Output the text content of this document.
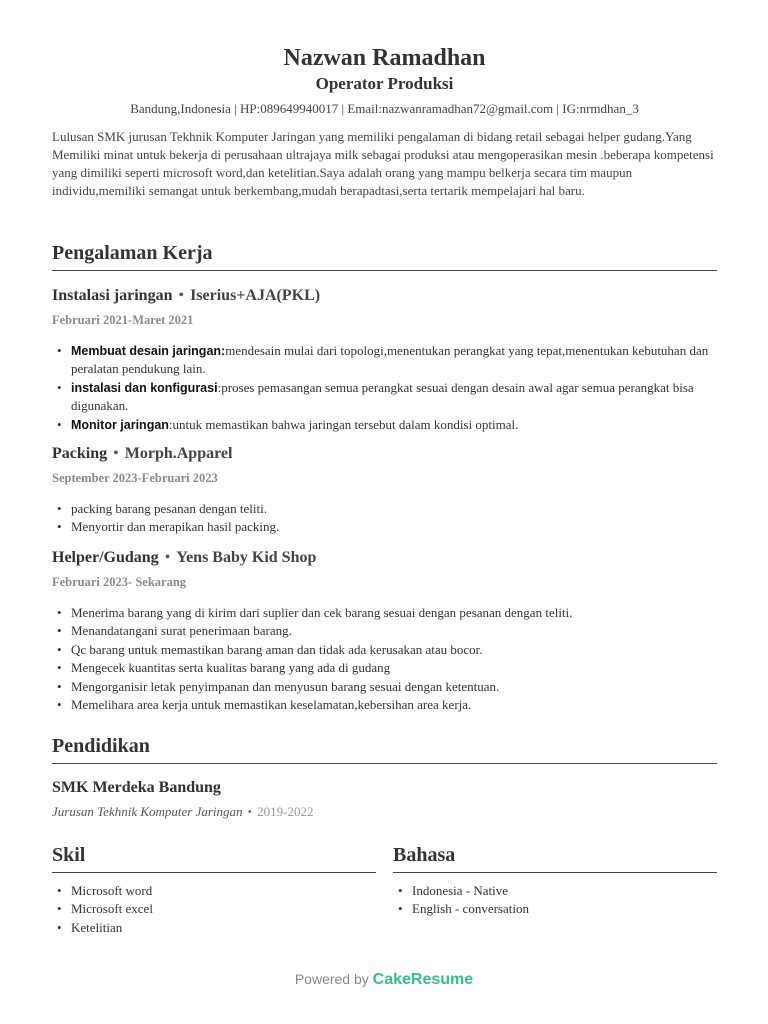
Nazwan Ramadhan
Operator Produksi
Bandung,Indonesia | HP:089649940017 | Email:nazwanramadhan72@gmail.com | IG:nrmdhan_3
Lulusan SMK jurusan Tekhnik Komputer Jaringan yang memiliki pengalaman di bidang retail sebagai helper gudang.Yang Memiliki minat untuk bekerja di perusahaan ultrajaya milk sebagai produksi atau mengoperasikan mesin .beberapa kompetensi yang dimiliki seperti microsoft word,dan ketelitian.Saya adalah orang yang mampu belkerja secara tim maupun individu,memiliki semangat untuk berkembang,mudah berapadtasi,serta tertarik mempelajari hal baru.
Pengalaman Kerja
Instalasi jaringan • Iserius+AJA(PKL)
Februari 2021-Maret 2021
• Membuat desain jaringan:mendesain mulai dari topologi,menentukan perangkat yang tepat,menentukan kebutuhan dan peralatan pendukung lain.
• instalasi dan konfigurasi:proses pemasangan semua perangkat sesuai dengan desain awal agar semua perangkat bisa digunakan.
• Monitor jaringan:untuk memastikan bahwa jaringan tersebut dalam kondisi optimal.
Packing • Morph.Apparel
September 2023-Februari 2023
• packing barang pesanan dengan teliti.
• Menyortir dan merapikan hasil packing.
Helper/Gudang • Yens Baby Kid Shop
Februari 2023- Sekarang
• Menerima barang yang di kirim dari suplier dan cek barang sesuai dengan pesanan dengan teliti.
• Menandatangani surat penerimaan barang.
• Qc barang untuk memastikan barang aman dan tidak ada kerusakan atau bocor.
• Mengecek kuantitas serta kualitas barang yang ada di gudang
• Mengorganisir letak penyimpanan dan menyusun barang sesuai dengan ketentuan.
• Memelihara area kerja untuk memastikan keselamatan,kebersihan area kerja.
Pendidikan
SMK Merdeka Bandung
Jurusan Tekhnik Komputer Jaringan • 2019-2022
Skil
• Microsoft word
• Microsoft excel
• Ketelitian
Bahasa
• Indonesia - Native
• English - conversation
Powered by CakeResume
